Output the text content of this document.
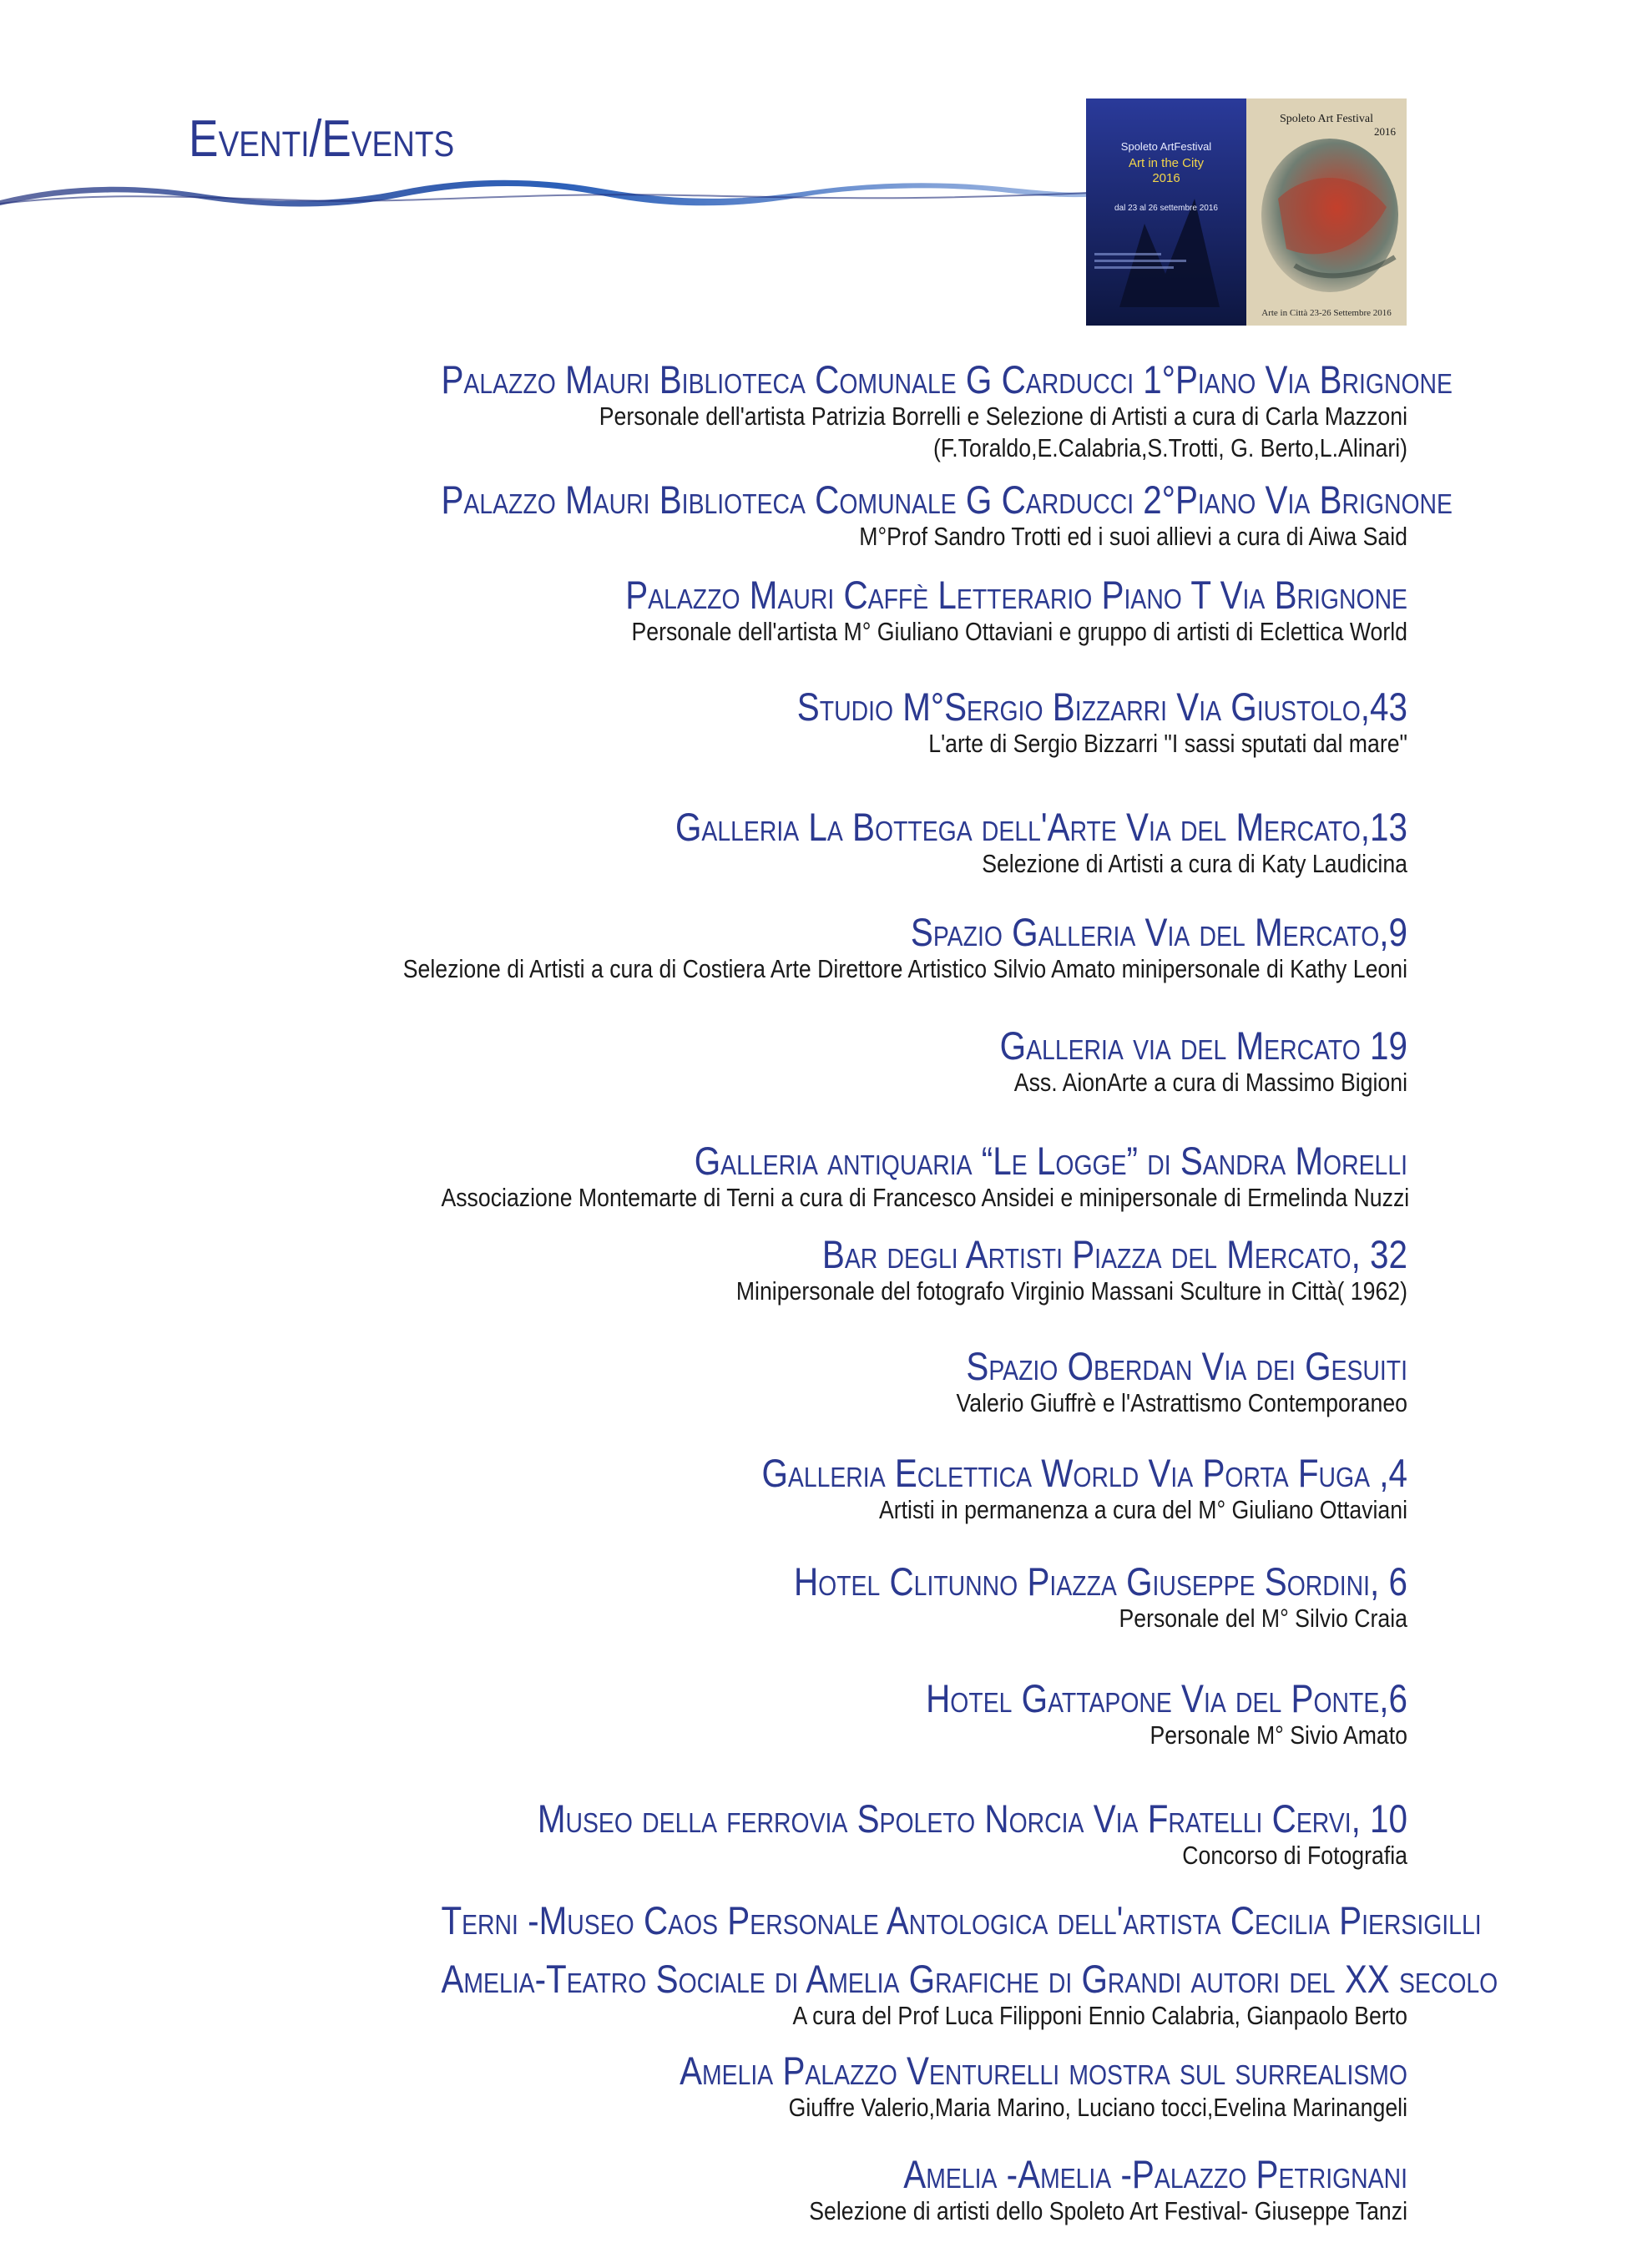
Eventi/Events	Spoleto ArtFestival
Art in the City
2016
dal 23 al 26 settembre 2016
Spoleto Art Festival
2016
Arte in Città 23-26 Settembre 2016
Palazzo Mauri Biblioteca Comunale G Carducci 1°Piano Via Brignone
Personale dell'artista Patrizia Borrelli e Selezione di Artisti a cura di Carla Mazzoni
(F.Toraldo,E.Calabria,S.Trotti, G. Berto,L.Alinari)
Palazzo Mauri Biblioteca Comunale G Carducci 2°Piano Via Brignone
M°Prof Sandro Trotti ed i suoi allievi a cura di Aiwa Said
Palazzo Mauri Caffè Letterario Piano T Via Brignone
Personale dell'artista M° Giuliano Ottaviani e gruppo di artisti di Eclettica World
Studio M°Sergio Bizzarri Via Giustolo,43
L'arte di Sergio Bizzarri "I sassi sputati dal mare"
Galleria La Bottega dell'Arte Via del Mercato,13
Selezione di Artisti a cura di Katy Laudicina
Spazio Galleria Via del Mercato,9
Selezione di Artisti a cura di Costiera Arte Direttore Artistico Silvio Amato minipersonale di Kathy Leoni
Galleria via del Mercato 19
Ass. AionArte a cura di Massimo Bigioni
Galleria antiquaria “Le Logge” di Sandra Morelli
Associazione Montemarte di Terni a cura di Francesco Ansidei e minipersonale di Ermelinda Nuzzi
Bar degli Artisti Piazza del Mercato, 32
Minipersonale del fotografo Virginio Massani Sculture in Città( 1962)
Spazio Oberdan Via dei Gesuiti
Valerio Giuffrè e l'Astrattismo Contemporaneo
Galleria Eclettica World Via Porta Fuga ,4
Artisti in permanenza a cura del M° Giuliano Ottaviani
Hotel Clitunno Piazza Giuseppe Sordini, 6
Personale del M° Silvio Craia
Hotel Gattapone Via del Ponte,6
Personale M° Sivio Amato
Museo della ferrovia Spoleto Norcia Via Fratelli Cervi, 10
Concorso di Fotografia
Terni -Museo Caos Personale Antologica dell'artista Cecilia Piersigilli
Amelia-Teatro Sociale di Amelia Grafiche di Grandi autori del XX secolo
A cura del Prof Luca Filipponi Ennio Calabria, Gianpaolo Berto
Amelia Palazzo Venturelli mostra sul surrealismo
Giuffre Valerio,Maria Marino, Luciano tocci,Evelina Marinangeli
Amelia -Amelia -Palazzo Petrignani
Selezione di artisti dello Spoleto Art Festival- Giuseppe Tanzi
